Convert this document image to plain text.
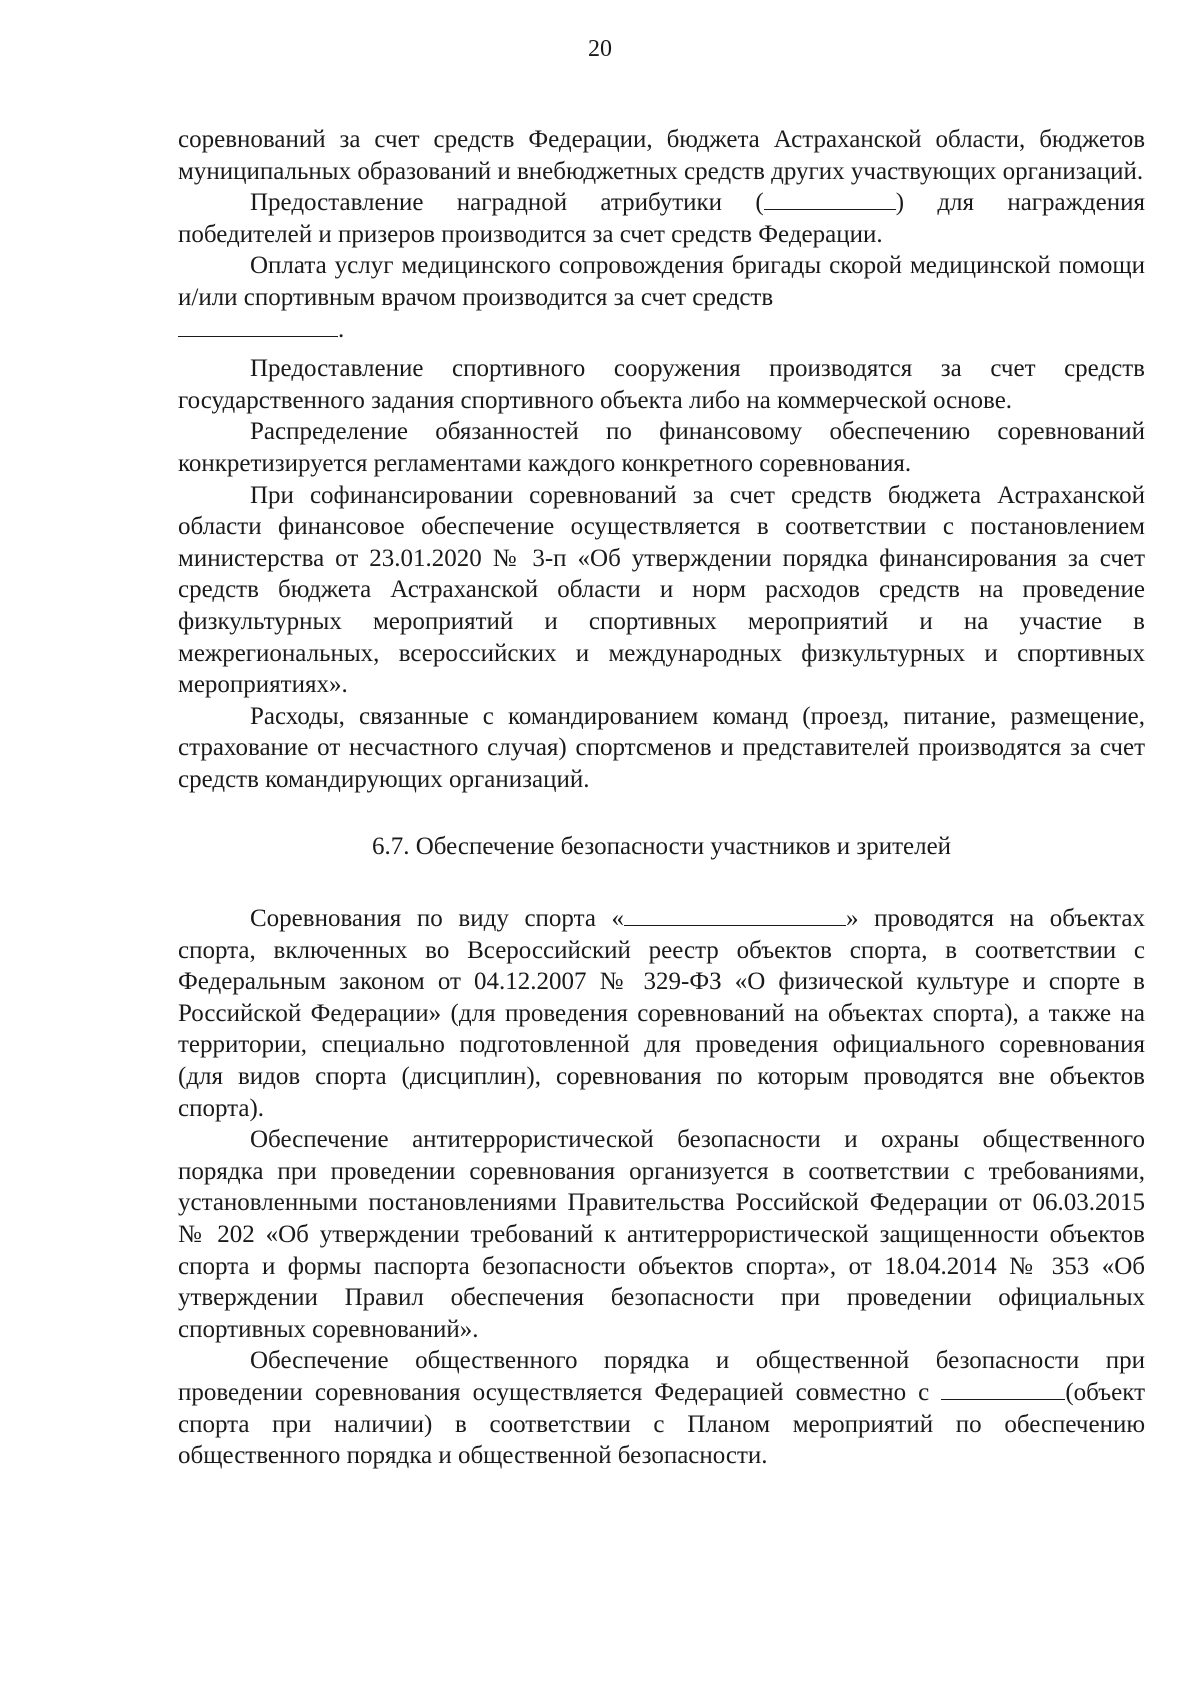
20

соревнований за счет средств Федерации, бюджета Астраханской области, бюджетов муниципальных образований и внебюджетных средств других участвующих организаций.

Предоставление наградной атрибутики (	) для награждения победителей и призеров производится за счет средств Федерации.

Оплата услуг медицинского сопровождения бригады скорой медицинской помощи и/или спортивным врачом производится за счет средств

.

Предоставление спортивного сооружения производятся за счет средств государственного задания спортивного объекта либо на коммерческой основе.

Распределение обязанностей по финансовому обеспечению соревнований конкретизируется регламентами каждого конкретного соревнования.

При софинансировании соревнований за счет средств бюджета Астраханской области финансовое обеспечение осуществляется в соответствии с постановлением министерства от 23.01.2020 № 3-п «Об утверждении порядка финансирования за счет средств бюджета Астраханской области и норм расходов средств на проведение физкультурных мероприятий и спортивных мероприятий и на участие в межрегиональных, всероссийских и международных физкультурных и спортивных мероприятиях».

Расходы, связанные с командированием команд (проезд, питание, размещение, страхование от несчастного случая) спортсменов и представителей производятся за счет средств командирующих организаций.

6.7. Обеспечение безопасности участников и зрителей

Соревнования по виду спорта «	» проводятся на объектах спорта, включенных во Всероссийский реестр объектов спорта, в соответствии с Федеральным законом от 04.12.2007 № 329-ФЗ «О физической культуре и спорте в Российской Федерации» (для проведения соревнований на объектах спорта), а также на территории, специально подготовленной для проведения официального соревнования (для видов спорта (дисциплин), соревнования по которым проводятся вне объектов спорта).

Обеспечение антитеррористической безопасности и охраны общественного порядка при проведении соревнования организуется в соответствии с требованиями, установленными постановлениями Правительства Российской Федерации от 06.03.2015 № 202 «Об утверждении требований к антитеррористической защищенности объектов спорта и формы паспорта безопасности объектов спорта», от 18.04.2014 № 353 «Об утверждении Правил обеспечения безопасности при проведении официальных спортивных соревнований».

Обеспечение общественного порядка и общественной безопасности при проведении соревнования осуществляется Федерацией совместно с	(объект спорта при наличии) в соответствии с Планом мероприятий по обеспечению общественного порядка и общественной безопасности.
